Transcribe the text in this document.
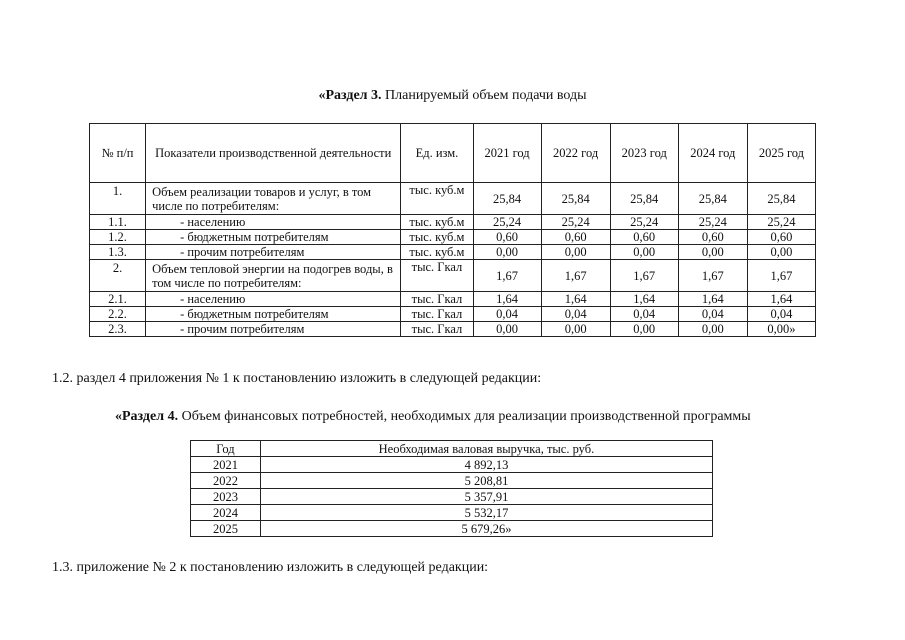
«Раздел 3. Планируемый объем подачи воды
№ п/п	Показатели производственной деятельности	Ед. изм.	2021 год	2022 год	2023 год	2024 год	2025 год
1.	Объем реализации товаров и услуг, в том числе по потребителям:	тыс. куб.м	25,84	25,84	25,84	25,84	25,84
1.1.	- населению	тыс. куб.м	25,24	25,24	25,24	25,24	25,24
1.2.	- бюджетным потребителям	тыс. куб.м	0,60	0,60	0,60	0,60	0,60
1.3.	- прочим потребителям	тыс. куб.м	0,00	0,00	0,00	0,00	0,00
2.	Объем тепловой энергии на подогрев воды, в том числе по потребителям:	тыс. Гкал	1,67	1,67	1,67	1,67	1,67
2.1.	- населению	тыс. Гкал	1,64	1,64	1,64	1,64	1,64
2.2.	- бюджетным потребителям	тыс. Гкал	0,04	0,04	0,04	0,04	0,04
2.3.	- прочим потребителям	тыс. Гкал	0,00	0,00	0,00	0,00	0,00»
1.2. раздел 4 приложения № 1 к постановлению изложить в следующей редакции:
«Раздел 4. Объем финансовых потребностей, необходимых для реализации производственной программы
Год	Необходимая валовая выручка, тыс. руб.
2021	4 892,13
2022	5 208,81
2023	5 357,91
2024	5 532,17
2025	5 679,26»
1.3. приложение № 2 к постановлению изложить в следующей редакции:
